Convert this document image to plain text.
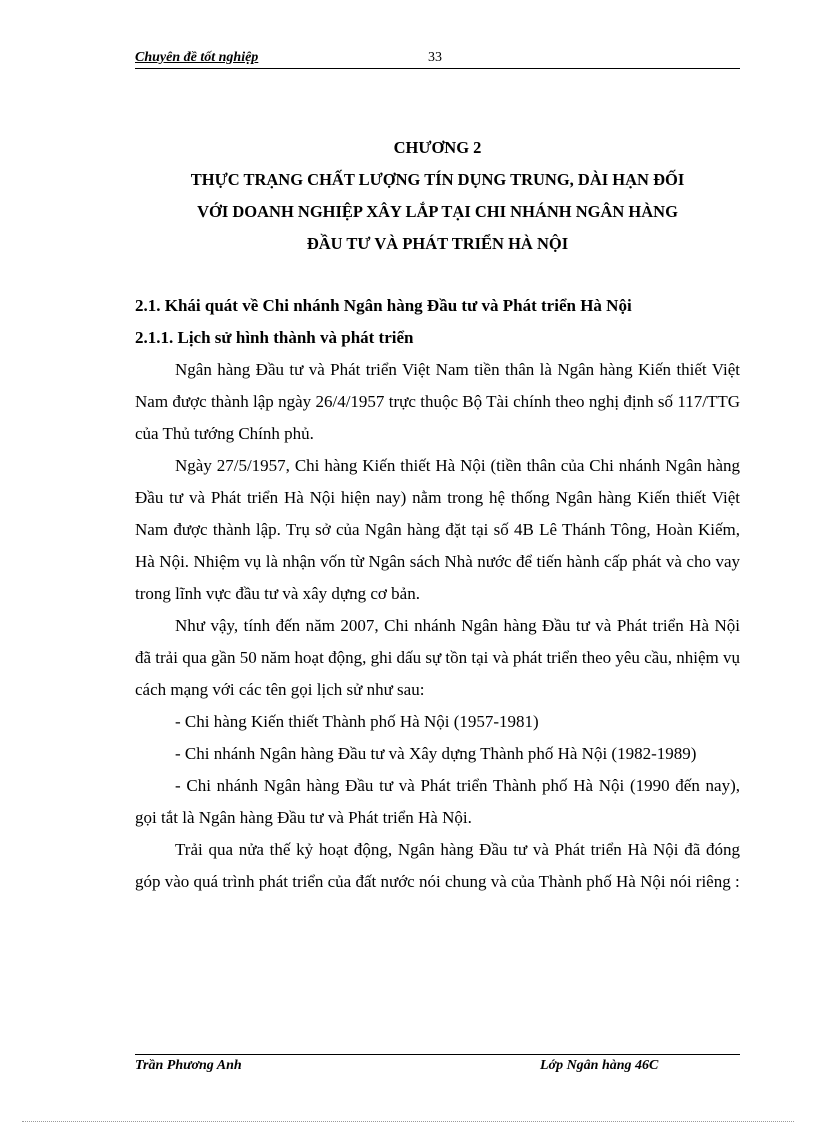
Chuyên đề tốt nghiệp	33
CHƯƠNG 2
THỰC TRẠNG CHẤT LƯỢNG TÍN DỤNG TRUNG, DÀI HẠN ĐỐI
VỚI DOANH NGHIỆP XÂY LẮP TẠI CHI NHÁNH NGÂN HÀNG
ĐẦU TƯ VÀ PHÁT TRIỂN HÀ NỘI

2.1. Khái quát về Chi nhánh Ngân hàng Đầu tư và Phát triển Hà Nội

2.1.1. Lịch sử hình thành và phát triển

Ngân hàng Đầu tư và Phát triển Việt Nam tiền thân là Ngân hàng Kiến thiết Việt Nam được thành lập ngày 26/4/1957 trực thuộc Bộ Tài chính theo nghị định số 117/TTG của Thủ tướng Chính phủ.

Ngày 27/5/1957, Chi hàng Kiến thiết Hà Nội (tiền thân của Chi nhánh Ngân hàng Đầu tư và Phát triển Hà Nội hiện nay) nằm trong hệ thống Ngân hàng Kiến thiết Việt Nam được thành lập. Trụ sở của Ngân hàng đặt tại số 4B Lê Thánh Tông, Hoàn Kiếm, Hà Nội. Nhiệm vụ là nhận vốn từ Ngân sách Nhà nước để tiến hành cấp phát và cho vay trong lĩnh vực đầu tư và xây dựng cơ bản.

Như vậy, tính đến năm 2007, Chi nhánh Ngân hàng Đầu tư và Phát triển Hà Nội đã trải qua gần 50 năm hoạt động, ghi dấu sự tồn tại và phát triển theo yêu cầu, nhiệm vụ cách mạng với các tên gọi lịch sử như sau:

- Chi hàng Kiến thiết Thành phố Hà Nội (1957-1981)

- Chi nhánh Ngân hàng Đầu tư và Xây dựng Thành phố Hà Nội (1982-1989)

- Chi nhánh Ngân hàng Đầu tư và Phát triển Thành phố Hà Nội (1990 đến nay), gọi tắt là Ngân hàng Đầu tư và Phát triển Hà Nội.

Trải qua nửa thế kỷ hoạt động, Ngân hàng Đầu tư và Phát triển Hà Nội đã đóng góp vào quá trình phát triển của đất nước nói chung và của Thành phố Hà Nội nói riêng :

Trần Phương Anh	Lớp Ngân hàng 46C
